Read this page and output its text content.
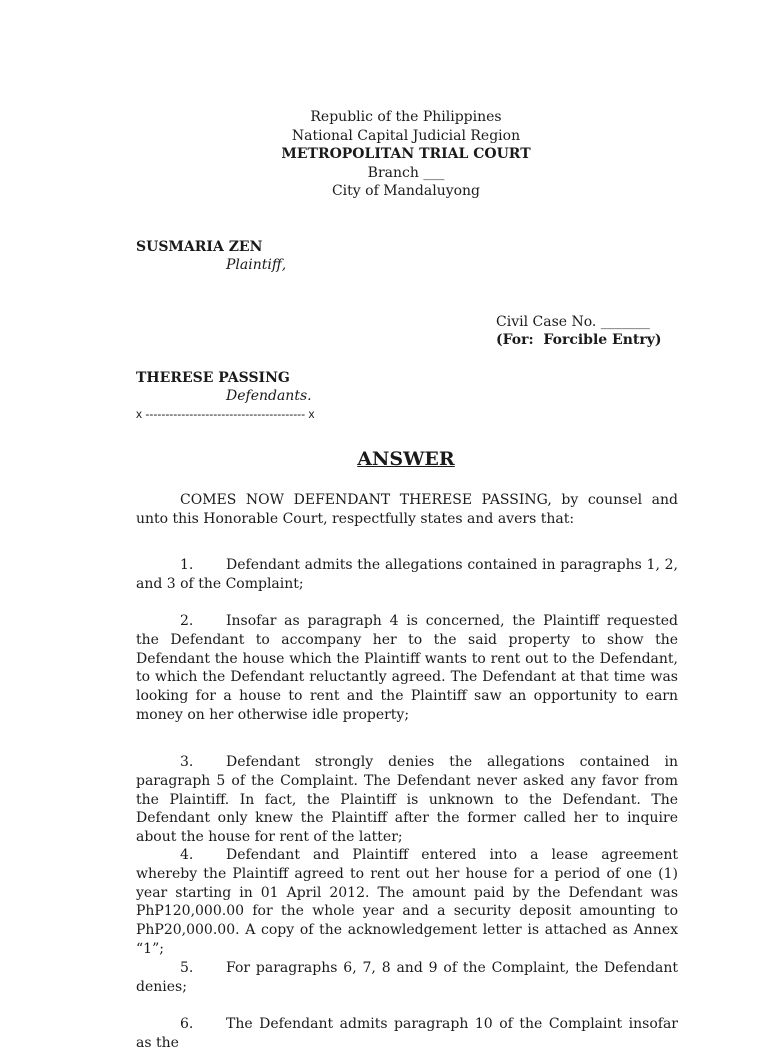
Republic of the Philippines
National Capital Judicial Region
METROPOLITAN TRIAL COURT
Branch ___
City of Mandaluyong
SUSMARIA ZEN
Plaintiff,
Civil Case No. _______
(For:  Forcible Entry)
THERESE PASSING
Defendants.
x ---------------------------------------- x
ANSWER
COMES NOW DEFENDANT THERESE PASSING, by counsel and unto this Honorable Court, respectfully states and avers that:
1. Defendant admits the allegations contained in paragraphs 1, 2, and 3 of the Complaint;
2. Insofar as paragraph 4 is concerned, the Plaintiff requested the Defendant to accompany her to the said property to show the Defendant the house which the Plaintiff wants to rent out to the Defendant, to which the Defendant reluctantly agreed. The Defendant at that time was looking for a house to rent and the Plaintiff saw an opportunity to earn money on her otherwise idle property;
3. Defendant strongly denies the allegations contained in paragraph 5 of the Complaint. The Defendant never asked any favor from the Plaintiff. In fact, the Plaintiff is unknown to the Defendant. The Defendant only knew the Plaintiff after the former called her to inquire about the house for rent of the latter;
4. Defendant and Plaintiff entered into a lease agreement whereby the Plaintiff agreed to rent out her house for a period of one (1) year starting in 01 April 2012. The amount paid by the Defendant was PhP120,000.00 for the whole year and a security deposit amounting to PhP20,000.00. A copy of the acknowledgement letter is attached as Annex “1”;
5. For paragraphs 6, 7, 8 and 9 of the Complaint, the Defendant denies;
6. The Defendant admits paragraph 10 of the Complaint insofar as the
